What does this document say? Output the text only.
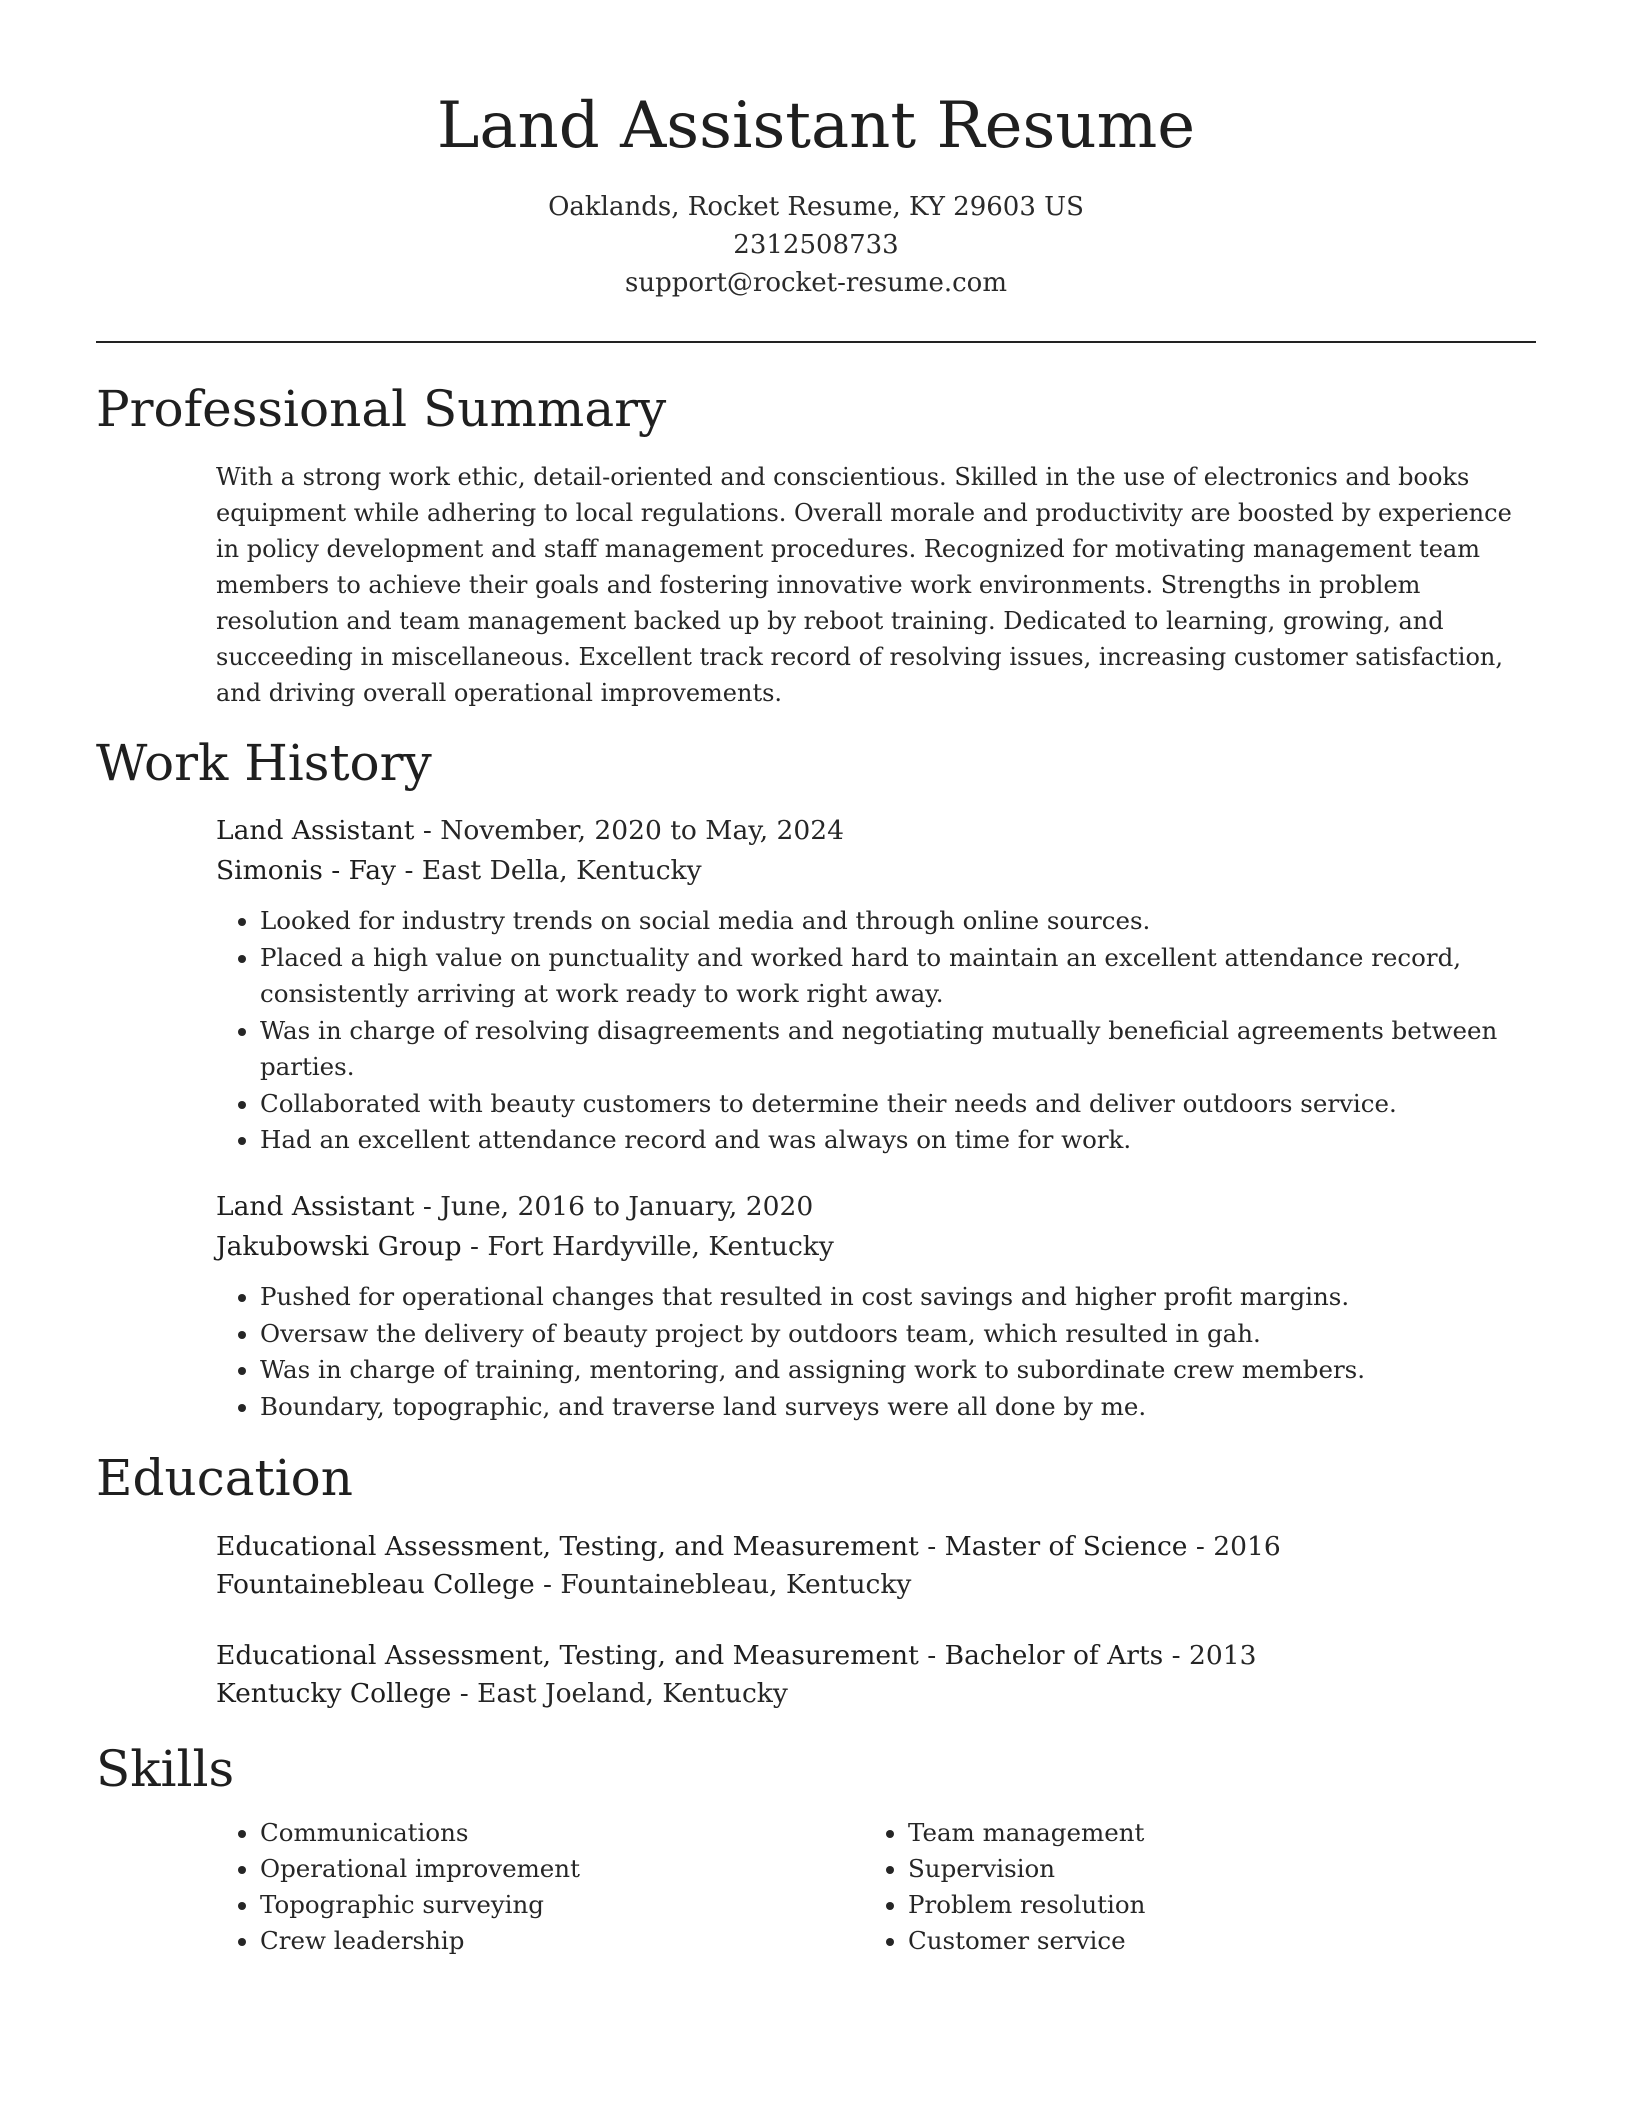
Land Assistant Resume
Oaklands, Rocket Resume, KY 29603 US
2312508733
support@rocket-resume.com
Professional Summary

With a strong work ethic, detail-oriented and conscientious. Skilled in the use of electronics and books equipment while adhering to local regulations. Overall morale and productivity are boosted by experience in policy development and staff management procedures. Recognized for motivating management team members to achieve their goals and fostering innovative work environments. Strengths in problem resolution and team management backed up by reboot training. Dedicated to learning, growing, and succeeding in miscellaneous. Excellent track record of resolving issues, increasing customer satisfaction, and driving overall operational improvements.

Work History
Land Assistant - November, 2020 to May, 2024
Simonis - Fay - East Della, Kentucky
• Looked for industry trends on social media and through online sources.
• Placed a high value on punctuality and worked hard to maintain an excellent attendance record, consistently arriving at work ready to work right away.
• Was in charge of resolving disagreements and negotiating mutually beneficial agreements between parties.
• Collaborated with beauty customers to determine their needs and deliver outdoors service.
• Had an excellent attendance record and was always on time for work.
Land Assistant - June, 2016 to January, 2020
Jakubowski Group - Fort Hardyville, Kentucky
• Pushed for operational changes that resulted in cost savings and higher profit margins.
• Oversaw the delivery of beauty project by outdoors team, which resulted in gah.
• Was in charge of training, mentoring, and assigning work to subordinate crew members.
• Boundary, topographic, and traverse land surveys were all done by me.
Education
Educational Assessment, Testing, and Measurement - Master of Science - 2016
Fountainebleau College - Fountainebleau, Kentucky
Educational Assessment, Testing, and Measurement - Bachelor of Arts - 2013
Kentucky College - East Joeland, Kentucky
Skills
• Communications
• Operational improvement
• Topographic surveying
• Crew leadership
• Team management
• Supervision
• Problem resolution
• Customer service
